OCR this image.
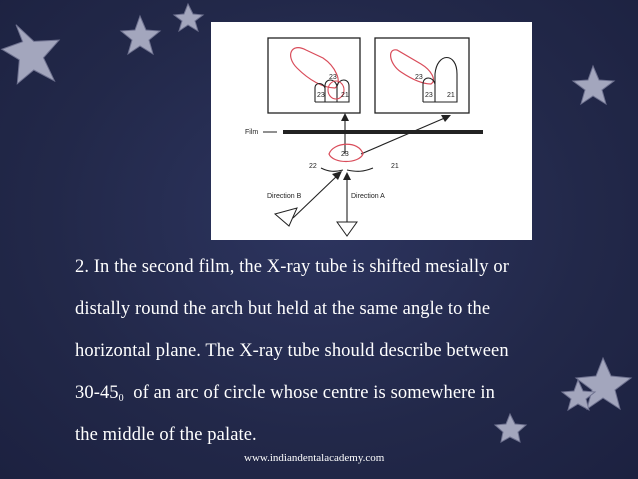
23
23 21
23
23 21
Film
23
22	21
Direction B	Direction A

2. In the second film, the X-ray tube is shifted mesially or
distally round the arch but held at the same angle to the
horizontal plane. The X-ray tube should describe between
$30-45^0$  of an arc of circle whose centre is somewhere in
the middle of the palate.

www.indiandentalacademy.com
